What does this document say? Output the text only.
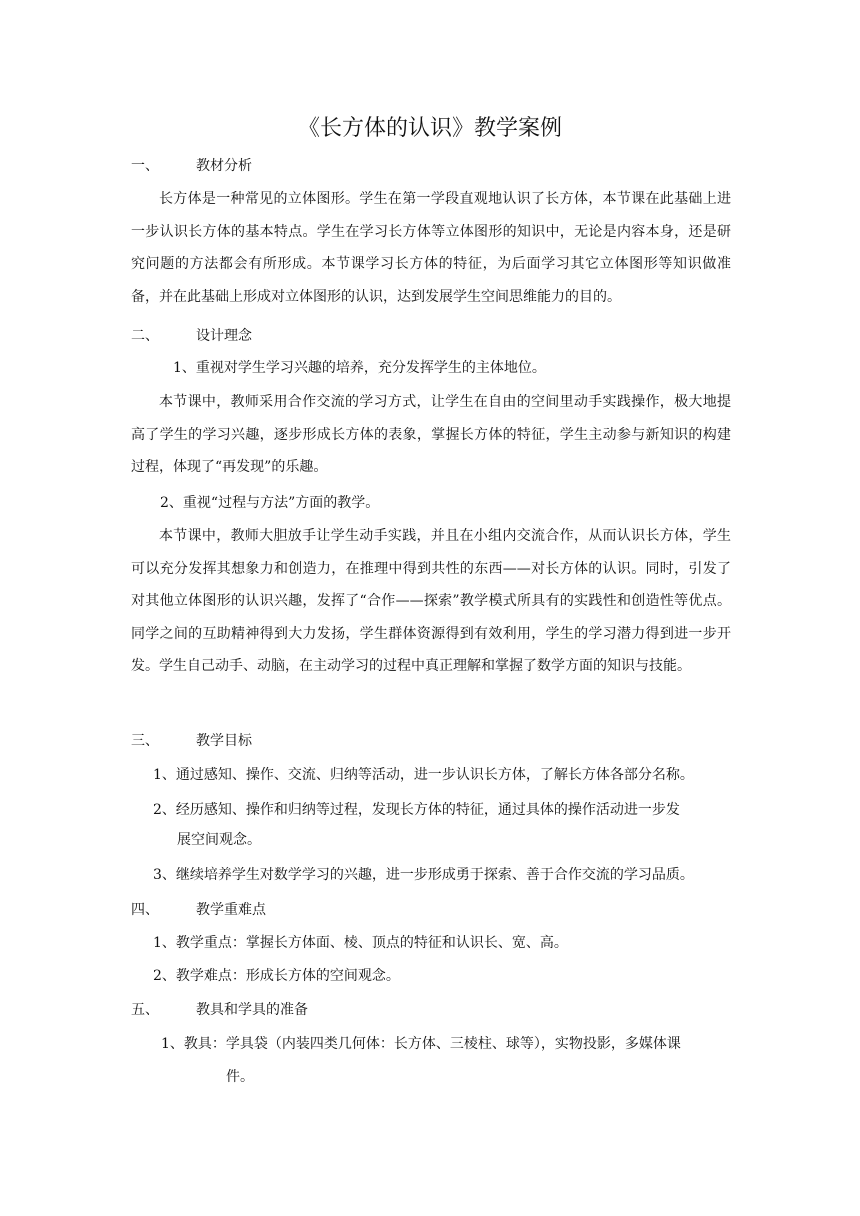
《长方体的认识》教学案例
一、	教材分析

长方体是一种常见的立体图形。学生在第一学段直观地认识了长方体，本节课在此基础上进一步认识长方体的基本特点。学生在学习长方体等立体图形的知识中，无论是内容本身，还是研究问题的方法都会有所形成。本节课学习长方体的特征，为后面学习其它立体图形等知识做准备，并在此基础上形成对立体图形的认识，达到发展学生空间思维能力的目的。

二、	设计理念
1、重视对学生学习兴趣的培养，充分发挥学生的主体地位。

本节课中，教师采用合作交流的学习方式，让学生在自由的空间里动手实践操作，极大地提高了学生的学习兴趣，逐步形成长方体的表象，掌握长方体的特征，学生主动参与新知识的构建过程，体现了“再发现”的乐趣。

2、重视“过程与方法”方面的教学。

本节课中，教师大胆放手让学生动手实践，并且在小组内交流合作，从而认识长方体，学生可以充分发挥其想象力和创造力，在推理中得到共性的东西——对长方体的认识。同时，引发了对其他立体图形的认识兴趣，发挥了“合作——探索”教学模式所具有的实践性和创造性等优点。同学之间的互助精神得到大力发扬，学生群体资源得到有效利用，学生的学习潜力得到进一步开发。学生自己动手、动脑，在主动学习的过程中真正理解和掌握了数学方面的知识与技能。

三、	教学目标
1、通过感知、操作、交流、归纳等活动，进一步认识长方体，了解长方体各部分名称。
2、经历感知、操作和归纳等过程，发现长方体的特征，通过具体的操作活动进一步发
展空间观念。
3、继续培养学生对数学学习的兴趣，进一步形成勇于探索、善于合作交流的学习品质。
四、	教学重难点
1、教学重点：掌握长方体面、棱、顶点的特征和认识长、宽、高。
2、教学难点：形成长方体的空间观念。
五、	教具和学具的准备
1、教具：学具袋（内装四类几何体：长方体、三棱柱、球等），实物投影，多媒体课
件。
